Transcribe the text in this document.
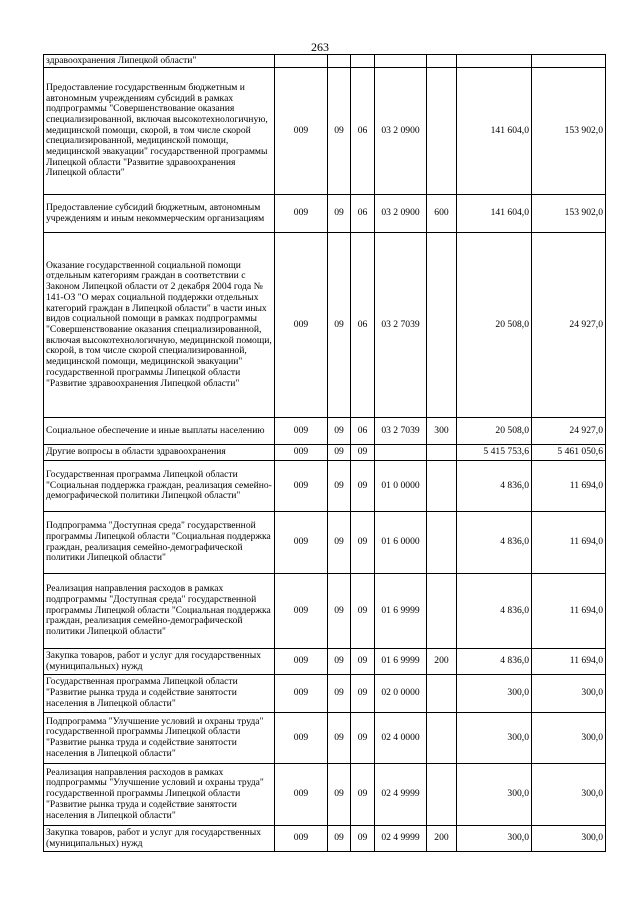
263
здравоохранения Липецкой области"							
Предоставление государственным бюджетным и автономным учреждениям субсидий в рамках подпрограммы "Совершенствование оказания специализированной, включая высокотехнологичную, медицинской помощи, скорой, в том числе скорой специализированной, медицинской помощи, медицинской эвакуации" государственной программы Липецкой области "Развитие здравоохранения Липецкой области"	009	09	06	03 2 0900		141 604,0	153 902,0
Предоставление субсидий бюджетным, автономным учреждениям и иным некоммерческим организациям	009	09	06	03 2 0900	600	141 604,0	153 902,0
Оказание государственной социальной помощи отдельным категориям граждан в соответствии с Законом Липецкой области от 2 декабря 2004 года № 141-ОЗ "О мерах социальной поддержки отдельных категорий граждан в Липецкой области" в части иных видов социальной помощи в рамках подпрограммы "Совершенствование оказания специализированной, включая высокотехнологичную, медицинской помощи, скорой, в том числе скорой специализированной, медицинской помощи, медицинской эвакуации" государственной программы Липецкой области "Развитие здравоохранения Липецкой области"	009	09	06	03 2 7039		20 508,0	24 927,0
Социальное обеспечение и иные выплаты населению	009	09	06	03 2 7039	300	20 508,0	24 927,0
Другие вопросы в области здравоохранения	009	09	09			5 415 753,6	5 461 050,6
Государственная программа Липецкой области "Социальная поддержка граждан, реализация семейно-демографической политики Липецкой области"	009	09	09	01 0 0000		4 836,0	11 694,0
Подпрограмма "Доступная среда" государственной программы Липецкой области "Социальная поддержка граждан, реализация семейно-демографической политики Липецкой области"	009	09	09	01 6 0000		4 836,0	11 694,0
Реализация направления расходов в рамках подпрограммы "Доступная среда" государственной программы Липецкой области "Социальная поддержка граждан, реализация семейно-демографической политики Липецкой области"	009	09	09	01 6 9999		4 836,0	11 694,0
Закупка товаров, работ и услуг для государственных (муниципальных) нужд	009	09	09	01 6 9999	200	4 836,0	11 694,0
Государственная программа Липецкой области "Развитие рынка труда и содействие занятости населения в Липецкой области"	009	09	09	02 0 0000		300,0	300,0
Подпрограмма "Улучшение условий и охраны труда" государственной программы Липецкой области "Развитие рынка труда и содействие занятости населения в Липецкой области"	009	09	09	02 4 0000		300,0	300,0
Реализация направления расходов в рамках подпрограммы "Улучшение условий и охраны труда" государственной программы Липецкой области "Развитие рынка труда и содействие занятости населения в Липецкой области"	009	09	09	02 4 9999		300,0	300,0
Закупка товаров, работ и услуг для государственных (муниципальных) нужд	009	09	09	02 4 9999	200	300,0	300,0
